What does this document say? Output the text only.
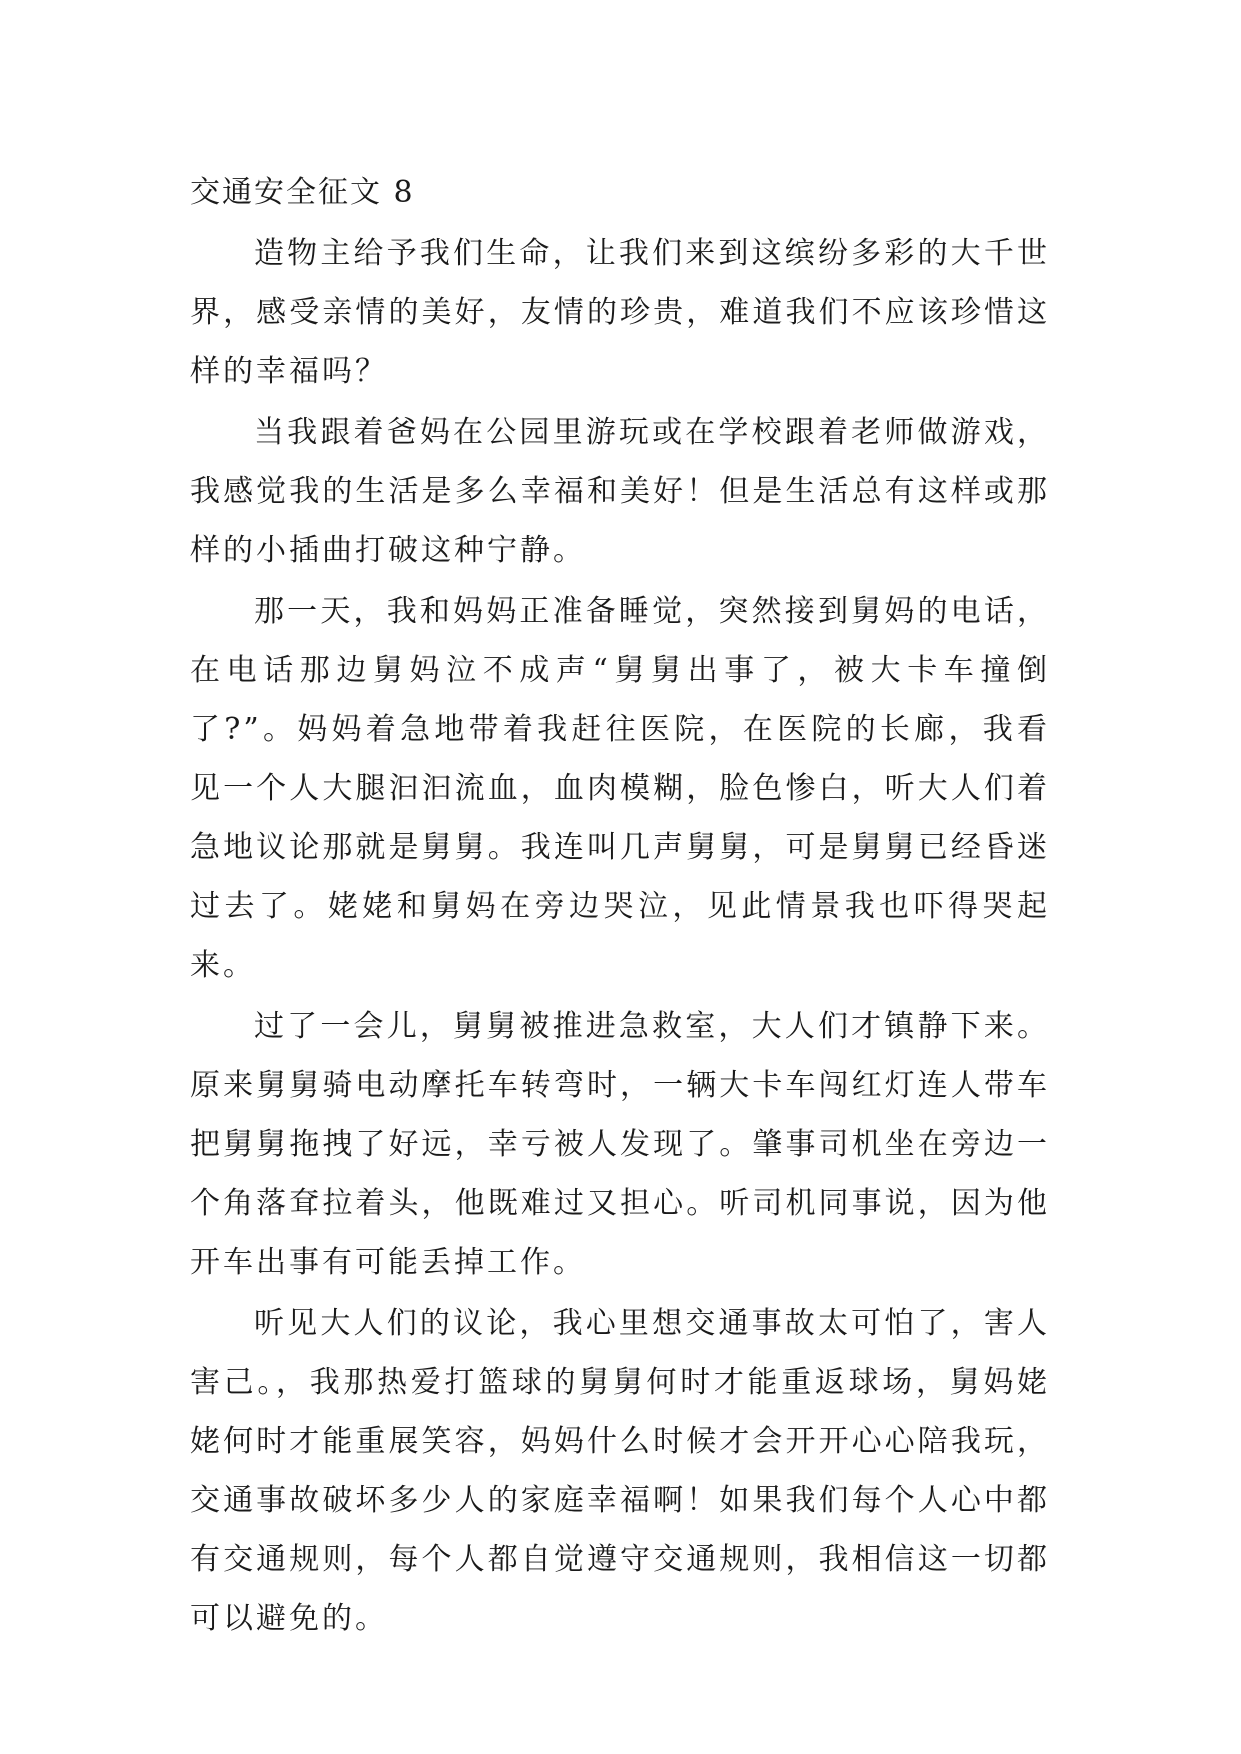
交通安全征文 8

造物主给予我们生命，让我们来到这缤纷多彩的大千世界，感受亲情的美好，友情的珍贵，难道我们不应该珍惜这样的幸福吗？

当我跟着爸妈在公园里游玩或在学校跟着老师做游戏，我感觉我的生活是多么幸福和美好！但是生活总有这样或那样的小插曲打破这种宁静。

那一天，我和妈妈正准备睡觉，突然接到舅妈的电话，在电话那边舅妈泣不成声“舅舅出事了，被大卡车撞倒了?”。妈妈着急地带着我赶往医院，在医院的长廊，我看见一个人大腿汩汩流血，血肉模糊，脸色惨白，听大人们着急地议论那就是舅舅。我连叫几声舅舅，可是舅舅已经昏迷过去了。姥姥和舅妈在旁边哭泣，见此情景我也吓得哭起来。

过了一会儿，舅舅被推进急救室，大人们才镇静下来。原来舅舅骑电动摩托车转弯时，一辆大卡车闯红灯连人带车把舅舅拖拽了好远，幸亏被人发现了。肇事司机坐在旁边一个角落耷拉着头，他既难过又担心。听司机同事说，因为他开车出事有可能丢掉工作。

听见大人们的议论，我心里想交通事故太可怕了，害人害己。，我那热爱打篮球的舅舅何时才能重返球场，舅妈姥姥何时才能重展笑容，妈妈什么时候才会开开心心陪我玩，交通事故破坏多少人的家庭幸福啊！如果我们每个人心中都有交通规则，每个人都自觉遵守交通规则，我相信这一切都可以避免的。
